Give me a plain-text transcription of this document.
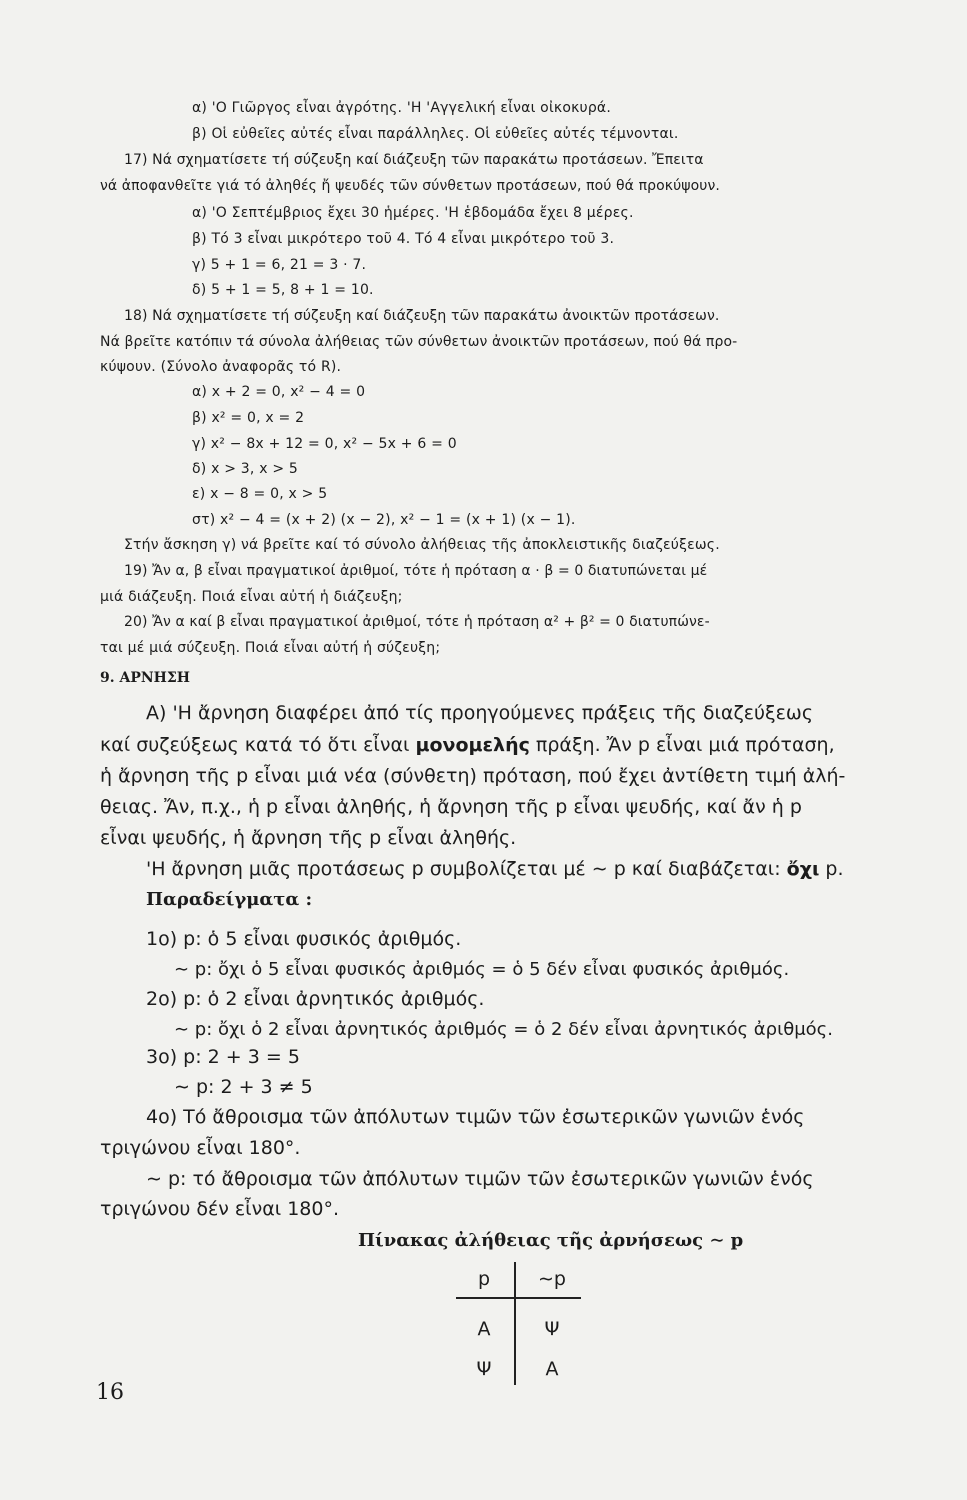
α) 'Ο Γιῶργος εἶναι ἀγρότης. 'Η 'Αγγελική εἶναι οἰκοκυρά.
β) Οἱ εὐθεῖες αὐτές εἶναι παράλληλες. Οἱ εὐθεῖες αὐτές τέμνονται.
17) Νά σχηματίσετε τή σύζευξη καί διάζευξη τῶν παρακάτω προτάσεων. Ἔπειτα
νά ἀποφανθεῖτε γιά τό ἀληθές ἤ ψευδές τῶν σύνθετων προτάσεων, πού θά προκύψουν.
α) 'Ο Σεπτέμβριος ἔχει 30 ἡμέρες. 'Η ἑβδομάδα ἔχει 8 μέρες.
β) Τό 3 εἶναι μικρότερο τοῦ 4. Τό 4 εἶναι μικρότερο τοῦ 3.
γ) 5 + 1 = 6, 21 = 3 · 7.
δ) 5 + 1 = 5, 8 + 1 = 10.
18) Νά σχηματίσετε τή σύζευξη καί διάζευξη τῶν παρακάτω ἀνοικτῶν προτάσεων.
Νά βρεῖτε κατόπιν τά σύνολα ἀλήθειας τῶν σύνθετων ἀνοικτῶν προτάσεων, πού θά προ-
κύψουν. (Σύνολο ἀναφορᾶς τό R).
α) x + 2 = 0, x² − 4 = 0
β) x² = 0, x = 2
γ) x² − 8x + 12 = 0, x² − 5x + 6 = 0
δ) x > 3, x > 5
ε) x − 8 = 0, x > 5
στ) x² − 4 = (x + 2) (x − 2), x² − 1 = (x + 1) (x − 1).
Στήν ἄσκηση γ) νά βρεῖτε καί τό σύνολο ἀλήθειας τῆς ἀποκλειστικῆς διαζεύξεως.
19) Ἄν α, β εἶναι πραγματικοί ἀριθμοί, τότε ἡ πρόταση α · β = 0 διατυπώνεται μέ
μιά διάζευξη. Ποιά εἶναι αὐτή ἡ διάζευξη;
20) Ἄν α καί β εἶναι πραγματικοί ἀριθμοί, τότε ἡ πρόταση α² + β² = 0 διατυπώνε-
ται μέ μιά σύζευξη. Ποιά εἶναι αὐτή ἡ σύζευξη;
9. ΑΡΝΗΣΗ
Α) 'Η ἄρνηση διαφέρει ἀπό τίς προηγούμενες πράξεις τῆς διαζεύξεως
καί συζεύξεως κατά τό ὅτι εἶναι μονομελής πράξη. Ἄν p εἶναι μιά πρόταση,
ἡ ἄρνηση τῆς p εἶναι μιά νέα (σύνθετη) πρόταση, πού ἔχει ἀντίθετη τιμή ἀλή-
θειας. Ἄν, π.χ., ἡ p εἶναι ἀληθής, ἡ ἄρνηση τῆς p εἶναι ψευδής, καί ἄν ἡ p
εἶναι ψευδής, ἡ ἄρνηση τῆς p εἶναι ἀληθής.
'Η ἄρνηση μιᾶς προτάσεως p συμβολίζεται μέ ∼ p καί διαβάζεται: ὄχι p.
Παραδείγματα :
1ο) p: ὁ 5 εἶναι φυσικός ἀριθμός.
∼ p: ὄχι ὁ 5 εἶναι φυσικός ἀριθμός = ὁ 5 δέν εἶναι φυσικός ἀριθμός.
2ο) p: ὁ 2 εἶναι ἀρνητικός ἀριθμός.
∼ p: ὄχι ὁ 2 εἶναι ἀρνητικός ἀριθμός = ὁ 2 δέν εἶναι ἀρνητικός ἀριθμός.
3ο) p: 2 + 3 = 5
∼ p: 2 + 3 ≠ 5
4ο) Τό ἄθροισμα τῶν ἀπόλυτων τιμῶν τῶν ἐσωτερικῶν γωνιῶν ἑνός
τριγώνου εἶναι 180°.
∼ p: τό ἄθροισμα τῶν ἀπόλυτων τιμῶν τῶν ἐσωτερικῶν γωνιῶν ἑνός
τριγώνου δέν εἶναι 180°.
Πίνακας ἀλήθειας τῆς ἀρνήσεως ∼ p
p	∼p
Α	Ψ
Ψ	Α
16
